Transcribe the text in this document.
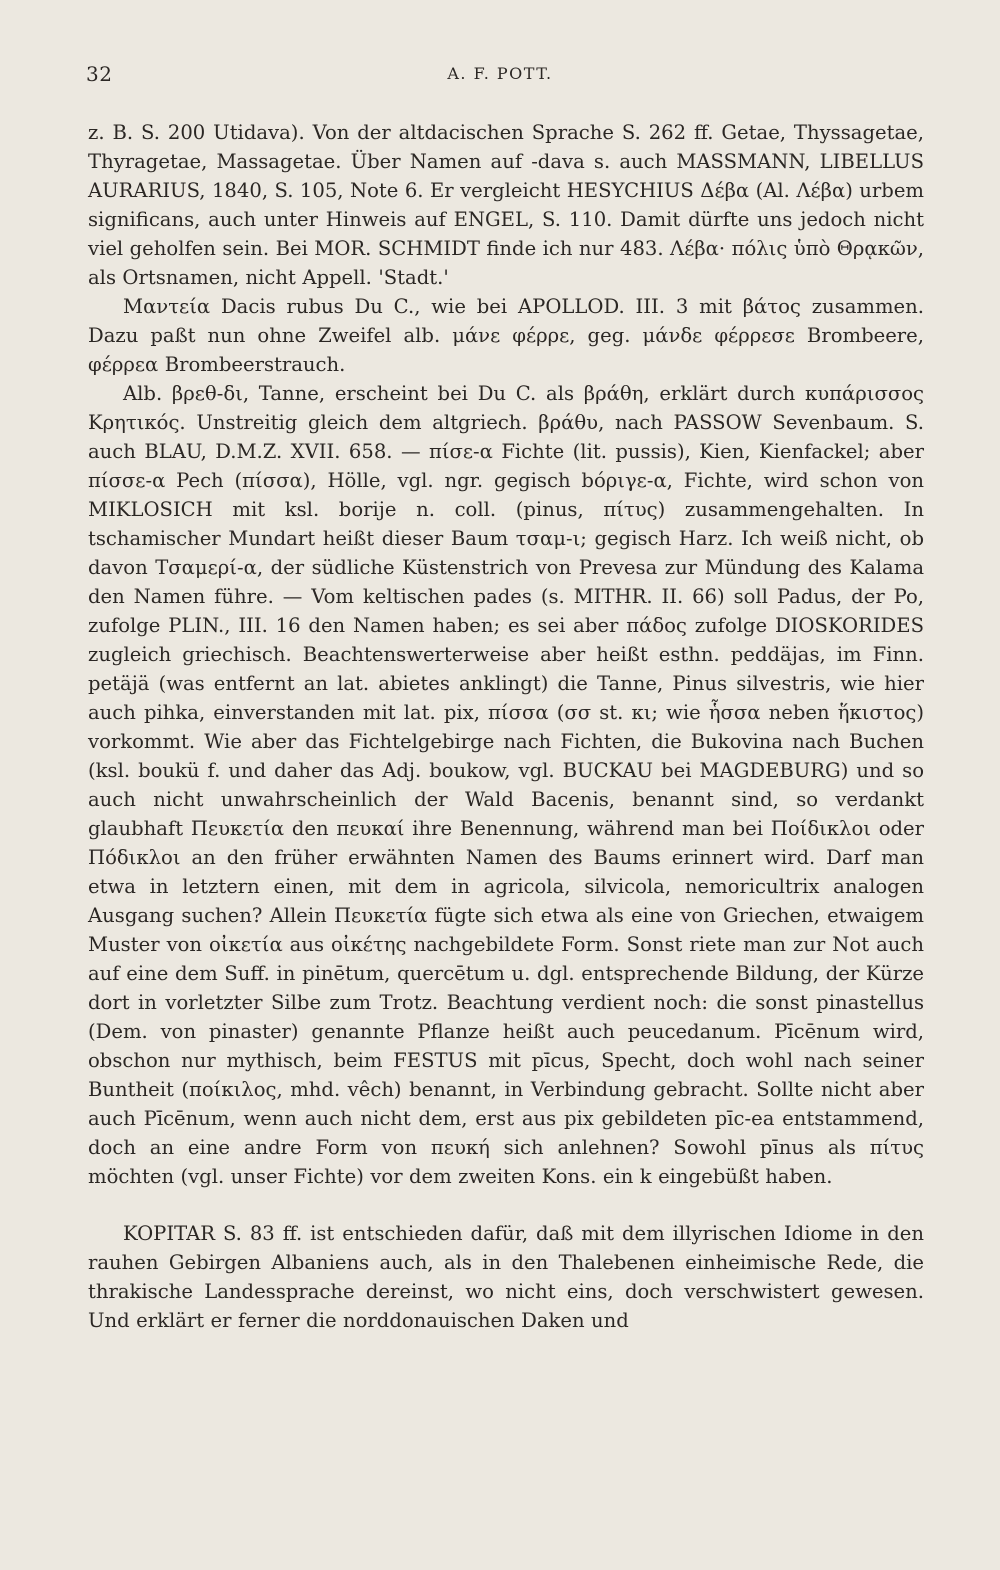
32	A. F. POTT.

z. B. S. 200 Utidava). Von der altdacischen Sprache S. 262 ff. Getae, Thyssagetae, Thyragetae, Massagetae. Über Namen auf -dava s. auch MASSMANN, LIBELLUS AURARIUS, 1840, S. 105, Note 6. Er vergleicht HESYCHIUS Δέβα (Al. Λέβα) urbem significans, auch unter Hinweis auf ENGEL, S. 110. Damit dürfte uns jedoch nicht viel geholfen sein. Bei MOR. SCHMIDT finde ich nur 483. Λέβα· πόλις ὑπὸ Θρᾳκῶν, als Ortsnamen, nicht Appell. 'Stadt.'

Μαντεία Dacis rubus Du C., wie bei APOLLOD. III. 3 mit βάτος zusammen. Dazu paßt nun ohne Zweifel alb. μάνε φέρρε, geg. μάνδε φέρρεσε Brombeere, φέρρεα Brombeerstrauch.

Alb. βρεθ-δι, Tanne, erscheint bei Du C. als βράθη, erklärt durch κυπάρισσος Κρητικός. Unstreitig gleich dem altgriech. βράθυ, nach PASSOW Sevenbaum. S. auch BLAU, D.M.Z. XVII. 658. — πίσε-α Fichte (lit. pussis), Kien, Kienfackel; aber πίσσε-α Pech (πίσσα), Hölle, vgl. ngr. gegisch bόριγε-α, Fichte, wird schon von MIKLOSICH mit ksl. borije n. coll. (pinus, πίτυς) zusammengehalten. In tschamischer Mundart heißt dieser Baum τσαμ-ι; gegisch Harz. Ich weiß nicht, ob davon Τσαμερί-α, der südliche Küstenstrich von Prevesa zur Mündung des Kalama den Namen führe. — Vom keltischen pades (s. MITHR. II. 66) soll Padus, der Po, zufolge PLIN., III. 16 den Namen haben; es sei aber πάδος zufolge DIOSKORIDES zugleich griechisch. Beachtenswerterweise aber heißt esthn. peddäjas, im Finn. petäjä (was entfernt an lat. abietes anklingt) die Tanne, Pinus silvestris, wie hier auch pihka, einverstanden mit lat. pix, πίσσα (σσ st. κι; wie ἧσσα neben ἥκιστος) vorkommt. Wie aber das Fichtelgebirge nach Fichten, die Bukovina nach Buchen (ksl. boukü f. und daher das Adj. boukow, vgl. BUCKAU bei MAGDEBURG) und so auch nicht unwahrscheinlich der Wald Bacenis, benannt sind, so verdankt glaubhaft Πευκετία den πευκαί ihre Benennung, während man bei Ποίδικλοι oder Πόδικλοι an den früher erwähnten Namen des Baums erinnert wird. Darf man etwa in letztern einen, mit dem in agricola, silvicola, nemoricultrix analogen Ausgang suchen? Allein Πευκετία fügte sich etwa als eine von Griechen, etwaigem Muster von οἰκετία aus οἰκέτης nachgebildete Form. Sonst riete man zur Not auch auf eine dem Suff. in pinētum, quercētum u. dgl. entsprechende Bildung, der Kürze dort in vorletzter Silbe zum Trotz. Beachtung verdient noch: die sonst pinastellus (Dem. von pinaster) genannte Pflanze heißt auch peucedanum. Pīcēnum wird, obschon nur mythisch, beim FESTUS mit pīcus, Specht, doch wohl nach seiner Buntheit (ποίκιλος, mhd. vêch) benannt, in Verbindung gebracht. Sollte nicht aber auch Pīcēnum, wenn auch nicht dem, erst aus pix gebildeten pīc-ea entstammend, doch an eine andre Form von πευκή sich anlehnen? Sowohl pīnus als πίτυς möchten (vgl. unser Fichte) vor dem zweiten Kons. ein k eingebüßt haben.

KOPITAR S. 83 ff. ist entschieden dafür, daß mit dem illyrischen Idiome in den rauhen Gebirgen Albaniens auch, als in den Thalebenen einheimische Rede, die thrakische Landessprache dereinst, wo nicht eins, doch verschwistert gewesen. Und erklärt er ferner die norddonauischen Daken und
